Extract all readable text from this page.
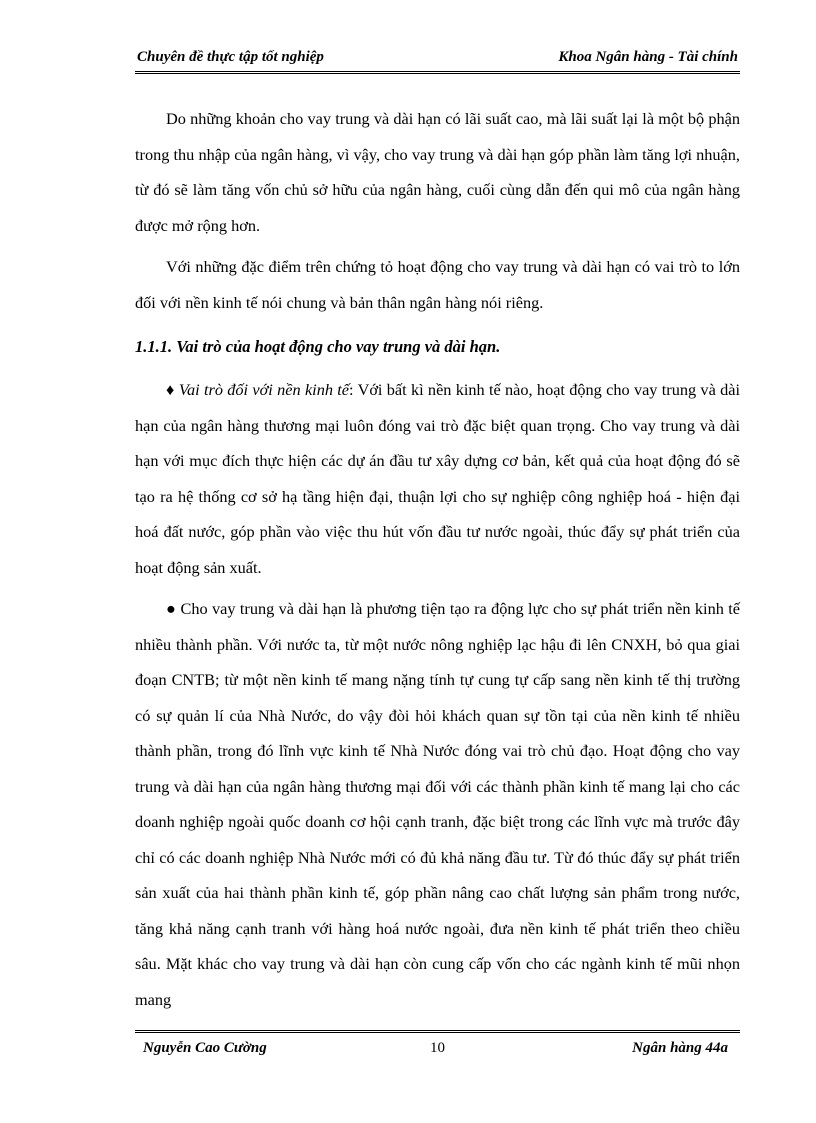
Chuyên đề thực tập tốt nghiệp	Khoa Ngân hàng - Tài chính

Do những khoản cho vay trung và dài hạn có lãi suất cao, mà lãi suất lại là một bộ phận trong thu nhập của ngân hàng, vì vậy, cho vay trung và dài hạn góp phần làm tăng lợi nhuận, từ đó sẽ làm tăng vốn chủ sở hữu của ngân hàng, cuối cùng dẫn đến qui mô của ngân hàng được mở rộng hơn.

Với những đặc điểm trên chứng tỏ hoạt động cho vay trung và dài hạn có vai trò to lớn đối với nền kinh tế nói chung và bản thân ngân hàng nói riêng.

1.1.1. Vai trò của hoạt động cho vay trung và dài hạn.

♦ Vai trò đối với nền kinh tế: Với bất kì nền kinh tế nào, hoạt động cho vay trung và dài hạn của ngân hàng thương mại luôn đóng vai trò đặc biệt quan trọng. Cho vay trung và dài hạn với mục đích thực hiện các dự án đầu tư xây dựng cơ bản, kết quả của hoạt động đó sẽ tạo ra hệ thống cơ sở hạ tầng hiện đại, thuận lợi cho sự nghiệp công nghiệp hoá - hiện đại hoá đất nước, góp phần vào việc thu hút vốn đầu tư nước ngoài, thúc đẩy sự phát triển của hoạt động sản xuất.

● Cho vay trung và dài hạn là phương tiện tạo ra động lực cho sự phát triển nền kinh tế nhiều thành phần. Với nước ta, từ một nước nông nghiệp lạc hậu đi lên CNXH, bỏ qua giai đoạn CNTB; từ một nền kinh tế mang nặng tính tự cung tự cấp sang nền kinh tế thị trường có sự quản lí của Nhà Nước, do vậy đòi hỏi khách quan sự tồn tại của nền kinh tế nhiều thành phần, trong đó lĩnh vực kinh tế Nhà Nước đóng vai trò chủ đạo. Hoạt động cho vay trung và dài hạn của ngân hàng thương mại đối với các thành phần kinh tế mang lại cho các doanh nghiệp ngoài quốc doanh cơ hội cạnh tranh, đặc biệt trong các lĩnh vực mà trước đây chỉ có các doanh nghiệp Nhà Nước mới có đủ khả năng đầu tư. Từ đó thúc đẩy sự phát triển sản xuất của hai thành phần kinh tế, góp phần nâng cao chất lượng sản phẩm trong nước, tăng khả năng cạnh tranh với hàng hoá nước ngoài, đưa nền kinh tế phát triển theo chiều sâu. Mặt khác cho vay trung và dài hạn còn cung cấp vốn cho các ngành kinh tế mũi nhọn mang

Nguyễn Cao Cường	10	Ngân hàng 44a
